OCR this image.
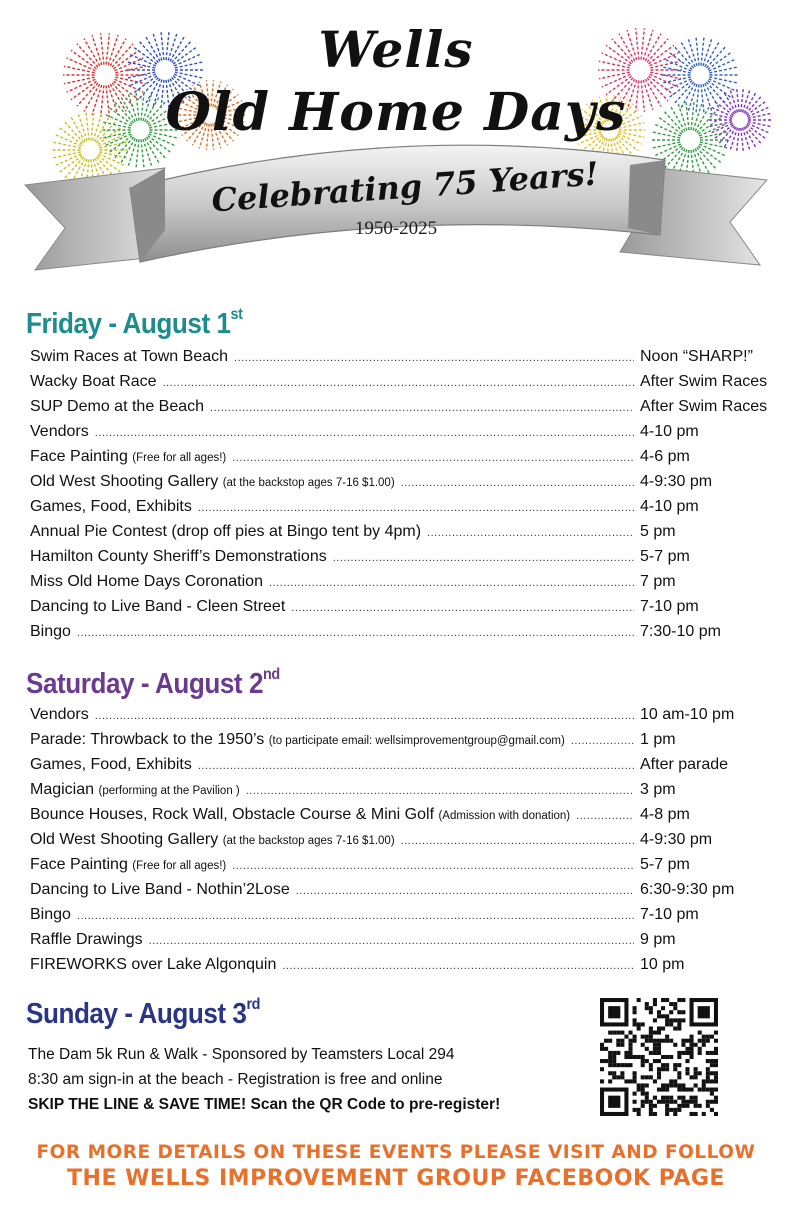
Wells
Old Home Days
Celebrating 75 Years!
1950-2025
Friday - August 1st
Swim Races at Town Beach .....	Noon “SHARP!”
Wacky Boat Race .....	After Swim Races
SUP Demo at the Beach .....	After Swim Races
Vendors .....	4-10 pm
Face Painting (Free for all ages!) .....	4-6 pm
Old West Shooting Gallery (at the backstop ages 7-16 $1.00) .....	4-9:30 pm
Games, Food, Exhibits .....	4-10 pm
Annual Pie Contest (drop off pies at Bingo tent by 4pm) .....	5 pm
Hamilton County Sheriff’s Demonstrations .....	5-7 pm
Miss Old Home Days Coronation .....	7 pm
Dancing to Live Band - Cleen Street .....	7-10 pm
Bingo .....	7:30-10 pm
Saturday - August 2nd
Vendors .....	10 am-10 pm
Parade: Throwback to the 1950’s (to participate email: wellsimprovementgroup@gmail.com) .....	1 pm
Games, Food, Exhibits .....	After parade
Magician (performing at the Pavilion ) .....	3 pm
Bounce Houses, Rock Wall, Obstacle Course & Mini Golf (Admission with donation) .....	4-8 pm
Old West Shooting Gallery (at the backstop ages 7-16 $1.00) .....	4-9:30 pm
Face Painting (Free for all ages!) .....	5-7 pm
Dancing to Live Band - Nothin’2Lose .....	6:30-9:30 pm
Bingo .....	7-10 pm
Raffle Drawings .....	9 pm
FIREWORKS over Lake Algonquin .....	10 pm
Sunday - August 3rd
The Dam 5k Run & Walk - Sponsored by Teamsters Local 294
8:30 am sign-in at the beach - Registration is free and online
SKIP THE LINE & SAVE TIME! Scan the QR Code to pre-register!
FOR MORE DETAILS ON THESE EVENTS PLEASE VISIT AND FOLLOW
THE WELLS IMPROVEMENT GROUP FACEBOOK PAGE
